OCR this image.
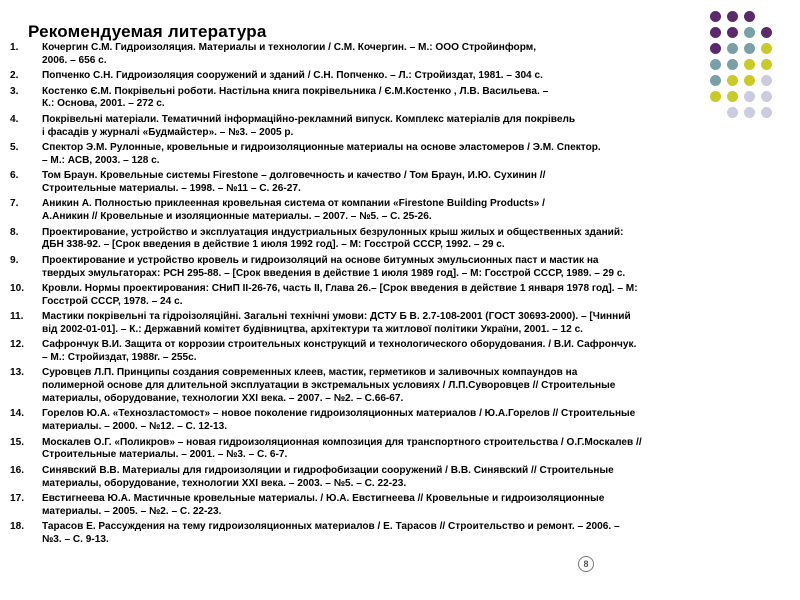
Рекомендуемая литература
1.	Кочергин С.М. Гидроизоляция. Материалы и технологии / С.М. Кочергин. – М.: ООО Стройинформ,
2006. – 656 с.
2.	Попченко С.Н. Гидроизоляция сооружений и зданий / С.Н. Попченко. – Л.: Стройиздат, 1981. – 304 с.
3.	Костенко Є.М. Покрівельні роботи. Настільна книга покрівельника / Є.М.Костенко , Л.В. Васильева. –
К.: Основа, 2001. – 272 с.
4.	Покрівельні матеріали. Тематичний інформаційно-рекламний випуск. Комплекс матеріалів для покрівель
і фасадів у журналі «Будмайстер». – №3. – 2005 р.
5.	Спектор Э.М. Рулонные, кровельные и гидроизоляционные материалы на основе эластомеров / Э.М. Спектор.
– М.: АСВ, 2003. – 128 с.
6.	Том Браун. Кровельные системы Firestone – долговечность и качество / Том Браун, И.Ю. Сухинин //
Строительные материалы. – 1998. – №11 – С. 26-27.
7.	Аникин А. Полностью приклеенная кровельная система от компании «Firestone Building Products» /
А.Аникин // Кровельные и изоляционные материалы. – 2007. – №5. – С. 25-26.
8.	Проектирование, устройство и эксплуатация индустриальных безрулонных крыш жилых и общественных зданий:
ДБН 338-92. – [Срок введения в действие 1 июля 1992 год]. – М: Госстрой СССР, 1992. – 29 с.
9.	Проектирование и устройство кровель и гидроизоляций на основе битумных эмульсионных паст и мастик на
твердых эмульгаторах: РСН 295-88. – [Срок введения в действие 1 июля 1989 год]. – М: Госстрой СССР, 1989. – 29 с.
10.	Кровли. Нормы проектирования: СНиП II-26-76, часть II, Глава 26.– [Срок введения в действие 1 января 1978 год]. – М:
Госстрой СССР, 1978. – 24 с.
11.	Мастики покрівельні та гідроізоляційні. Загальні технічні умови: ДСТУ Б В. 2.7-108-2001 (ГОСТ 30693-2000). – [Чинний
від 2002-01-01]. – К.: Державний комітет будівництва, архітектури та житлової політики України, 2001. – 12 с.
12.	Сафрончук В.И. Защита от коррозии строительных конструкций и технологического оборудования. / В.И. Сафрончук.
– М.: Стройиздат, 1988г. – 255с.
13.	Суровцев Л.П. Принципы создания современных клеев, мастик, герметиков и заливочных компаундов на
полимерной основе для длительной эксплуатации в экстремальных условиях / Л.П.Суворовцев // Строительные
материалы, оборудование, технологии XXI века. – 2007. – №2. – С.66-67.
14.	Горелов Ю.А. «Технозластомост» – новое поколение гидроизоляционных материалов / Ю.А.Горелов // Строительные
материалы. – 2000. – №12. – С. 12-13.
15.	Москалев О.Г. «Поликров» – новая гидроизоляционная композиция для транспортного строительства / О.Г.Москалев //
Строительные материалы. – 2001. – №3. – С. 6-7.
16.	Синявский В.В. Материалы для гидроизоляции и гидрофобизации сооружений / В.В. Синявский // Строительные
материалы, оборудование, технологии XXI века. – 2003. – №5. – С. 22-23.
17.	Евстигнеева Ю.А. Мастичные кровельные материалы. / Ю.А. Евстигнеева // Кровельные и гидроизоляционные
материалы. – 2005. – №2. – С. 22-23.
18.	Тарасов Е. Рассуждения на тему гидроизоляционных материалов / Е. Тарасов // Строительство и ремонт. – 2006. –
№3. – С. 9-13.
8
